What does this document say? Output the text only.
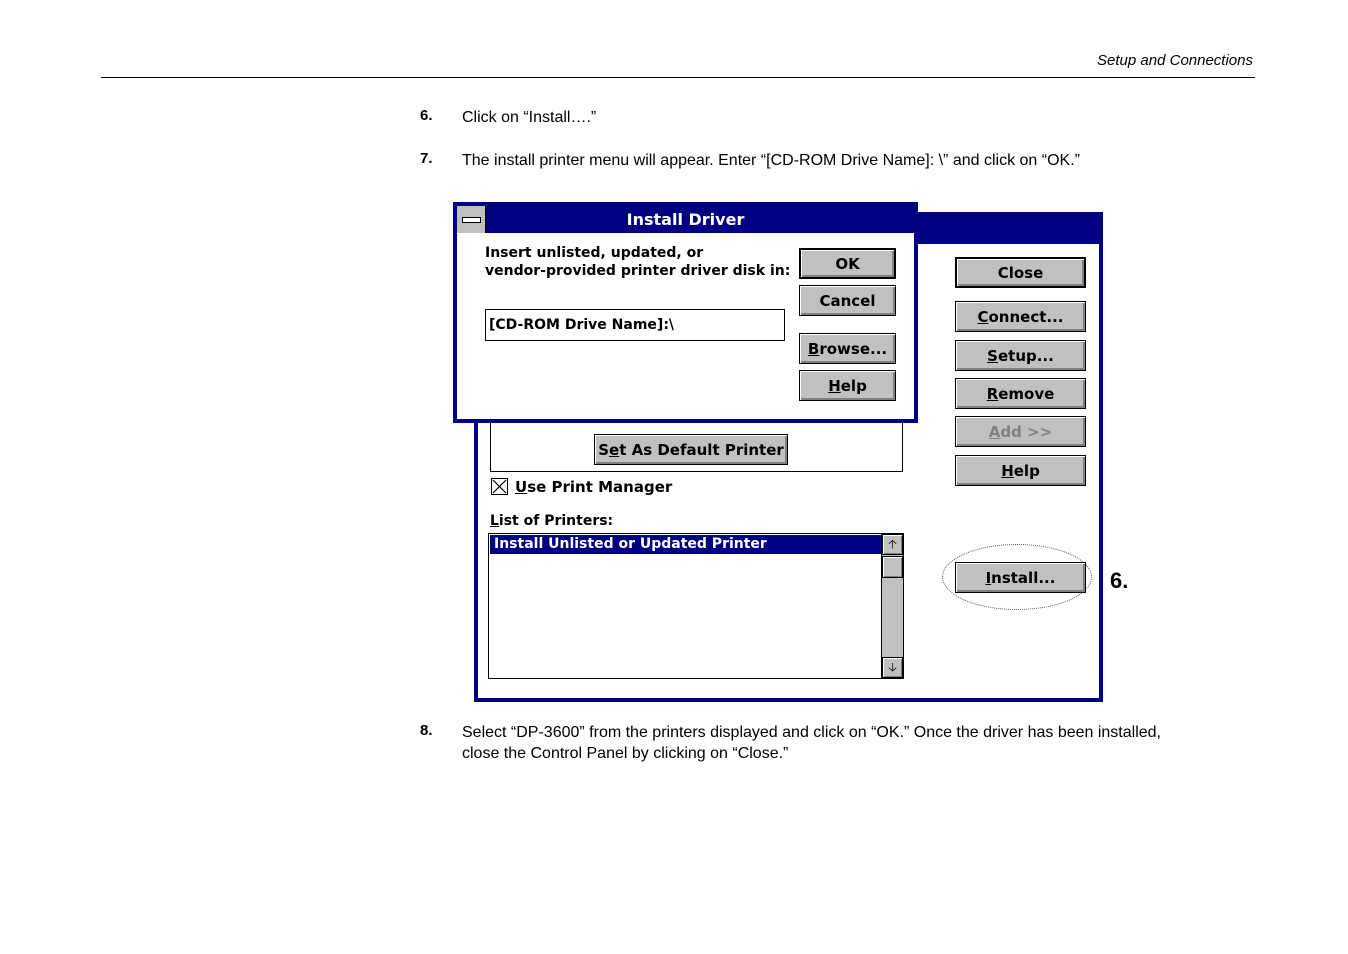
Setup and Connections
6. Click on “Install….”
7. The install printer menu will appear. Enter “[CD-ROM Drive Name]: \” and click on “OK.”
8. Select “DP-3600” from the printers displayed and click on “OK.” Once the driver has been installed, close the Control Panel by clicking on “Close.”
Close
C onnect...
S etup...
R emove
A dd >>
H elp
S e t As Default Printer
Use Print Manager
List of Printers:
Install Unlisted or Updated Printer	🡡
🡣
I nstall... 6.
Install Driver
Insert unlisted, updated, or
vendor-provided printer driver disk in:
[CD-ROM Drive Name]:\
OK
Cancel
B rowse...
H elp
